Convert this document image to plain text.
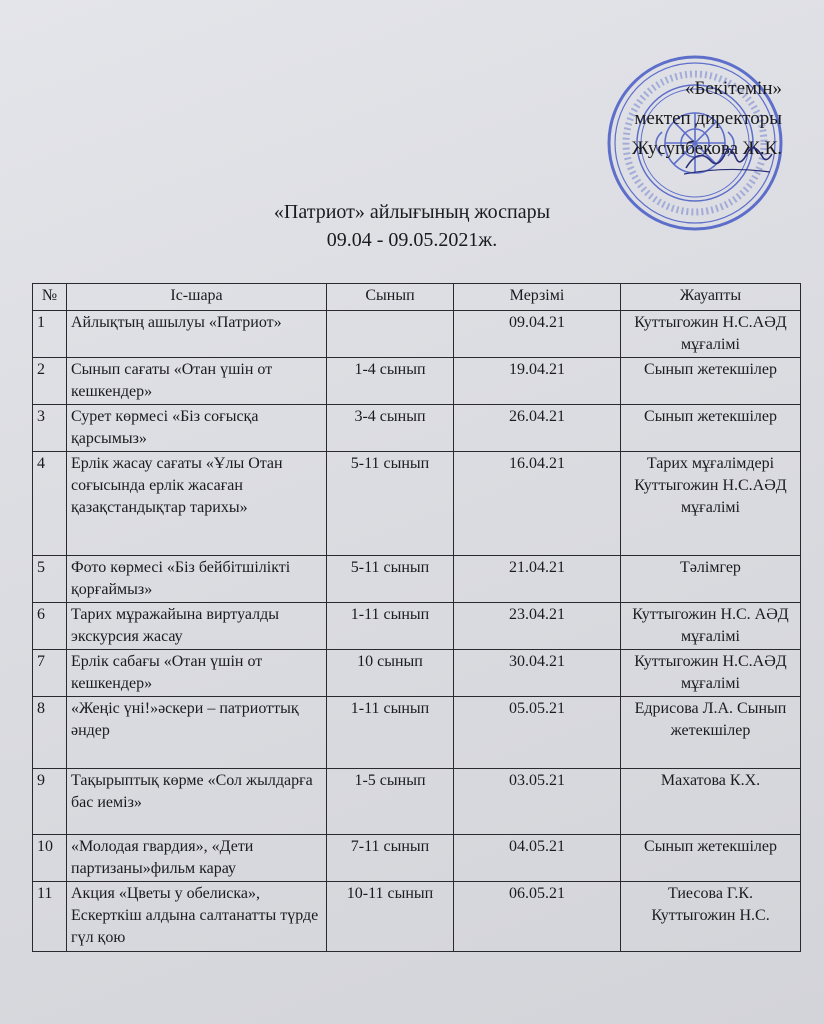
«Бекітемін»
мектеп директоры
Жусупбекова Ж.К.
«Патриот» айлығының жоспары
09.04 - 09.05.2021ж.
№	Іс-шара	Сынып	Мерзімі	Жауапты
1	Айлықтың ашылуы «Патриот»		09.04.21	Куттыгожин Н.С.АӘД мұғалімі
2	Сынып сағаты «Отан үшін от кешкендер»	1-4 сынып	19.04.21	Сынып жетекшілер
3	Сурет көрмесі «Біз соғысқа қарсымыз»	3-4 сынып	26.04.21	Сынып жетекшілер
4	Ерлік жасау сағаты «Ұлы Отан соғысында ерлік жасаған қазақстандықтар тарихы»	5-11 сынып	16.04.21	Тарих мұғалімдері Куттыгожин Н.С.АӘД мұғалімі
5	Фото көрмесі «Біз бейбітшілікті қорғаймыз»	5-11 сынып	21.04.21	Тәлімгер
6	Тарих мұражайына виртуалды экскурсия жасау	1-11 сынып	23.04.21	Куттыгожин Н.С. АӘД мұғалімі
7	Ерлік сабағы «Отан үшін от кешкендер»	10 сынып	30.04.21	Куттыгожин Н.С.АӘД мұғалімі
8	«Жеңіс үні!»әскери – патриоттық әндер	1-11 сынып	05.05.21	Едрисова Л.А. Сынып жетекшілер
9	Тақырыптық көрме «Сол жылдарға бас иеміз»	1-5 сынып	03.05.21	Махатова К.Х.
10	«Молодая гвардия», «Дети партизаны»фильм карау	7-11 сынып	04.05.21	Сынып жетекшілер
11	Акция «Цветы у обелиска», Ескерткіш алдына салтанатты түрде гүл қою	10-11 сынып	06.05.21	Тиесова Г.К. Куттыгожин Н.С.
